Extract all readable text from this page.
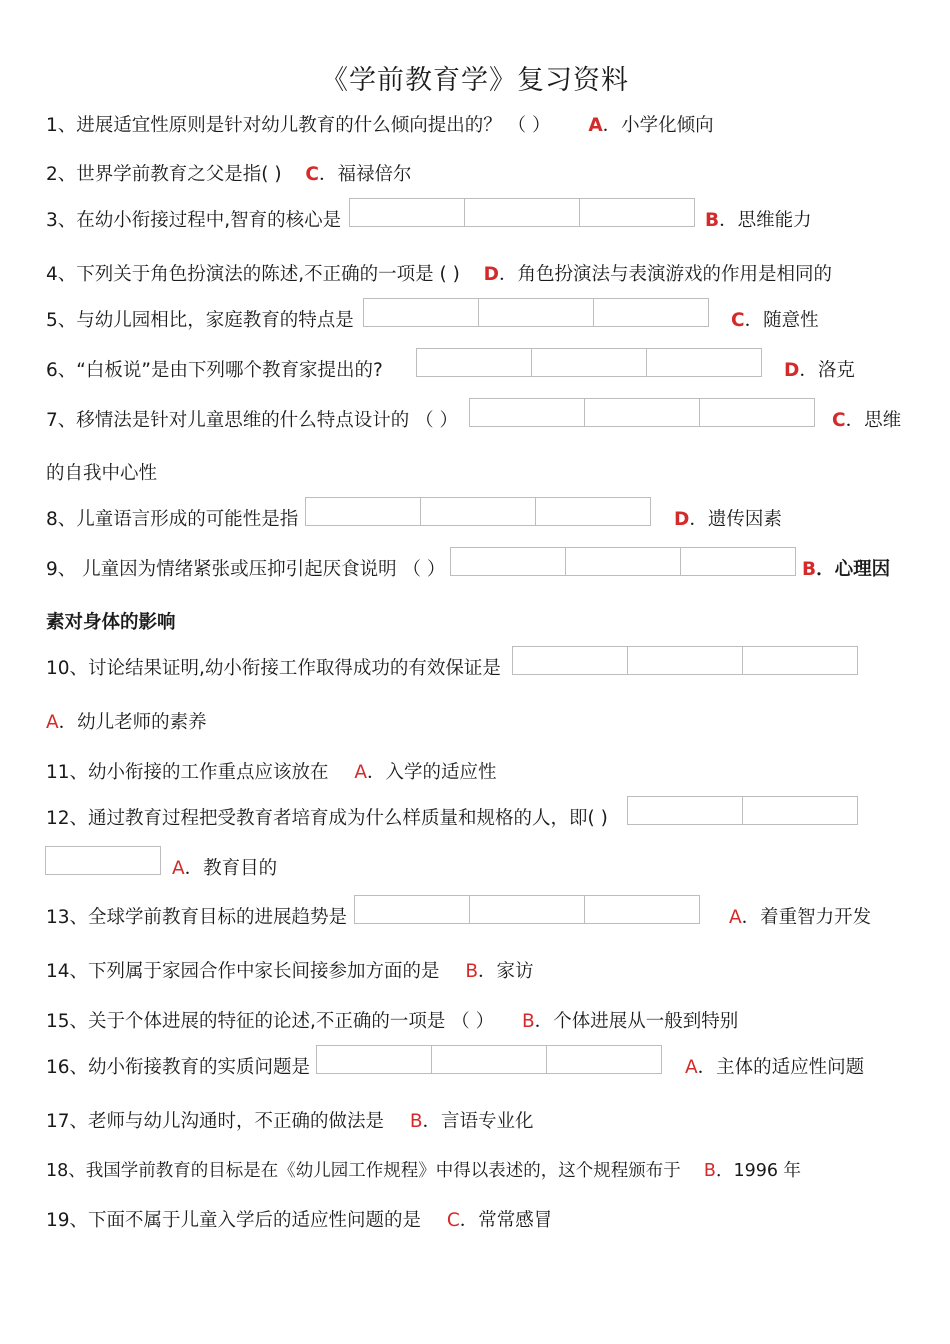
《学前教育学》复习资料
1、进展适宜性原则是针对幼儿教育的什么倾向提出的？ （ ） A．小学化倾向
2、世界学前教育之父是指( ) C．福禄倍尔
3、在幼小衔接过程中,智育的核心是	B．思维能力
4、下列关于角色扮演法的陈述,不正确的一项是 ( ) D．角色扮演法与表演游戏的作用是相同的
5、与幼儿园相比，家庭教育的特点是	C．随意性
6、“白板说”是由下列哪个教育家提出的?	D．洛克
7、移情法是针对儿童思维的什么特点设计的 （ ）	C．思维
的自我中心性
8、儿童语言形成的可能性是指	D．遗传因素
9、 儿童因为情绪紧张或压抑引起厌食说明 （ ）	B．心理因
素对身体的影响
10、讨论结果证明,幼小衔接工作取得成功的有效保证是
A．幼儿老师的素养
11、幼小衔接的工作重点应该放在 A．入学的适应性
12、通过教育过程把受教育者培育成为什么样质量和规格的人，即( )
A．教育目的
13、全球学前教育目标的进展趋势是	A．着重智力开发
14、下列属于家园合作中家长间接参加方面的是 B．家访
15、关于个体进展的特征的论述,不正确的一项是 （ ） B．个体进展从一般到特别
16、幼小衔接教育的实质问题是	A．主体的适应性问题
17、老师与幼儿沟通时，不正确的做法是 B．言语专业化
18、我国学前教育的目标是在《幼儿园工作规程》中得以表述的，这个规程颁布于 B．1996 年
19、下面不属于儿童入学后的适应性问题的是 C．常常感冒
